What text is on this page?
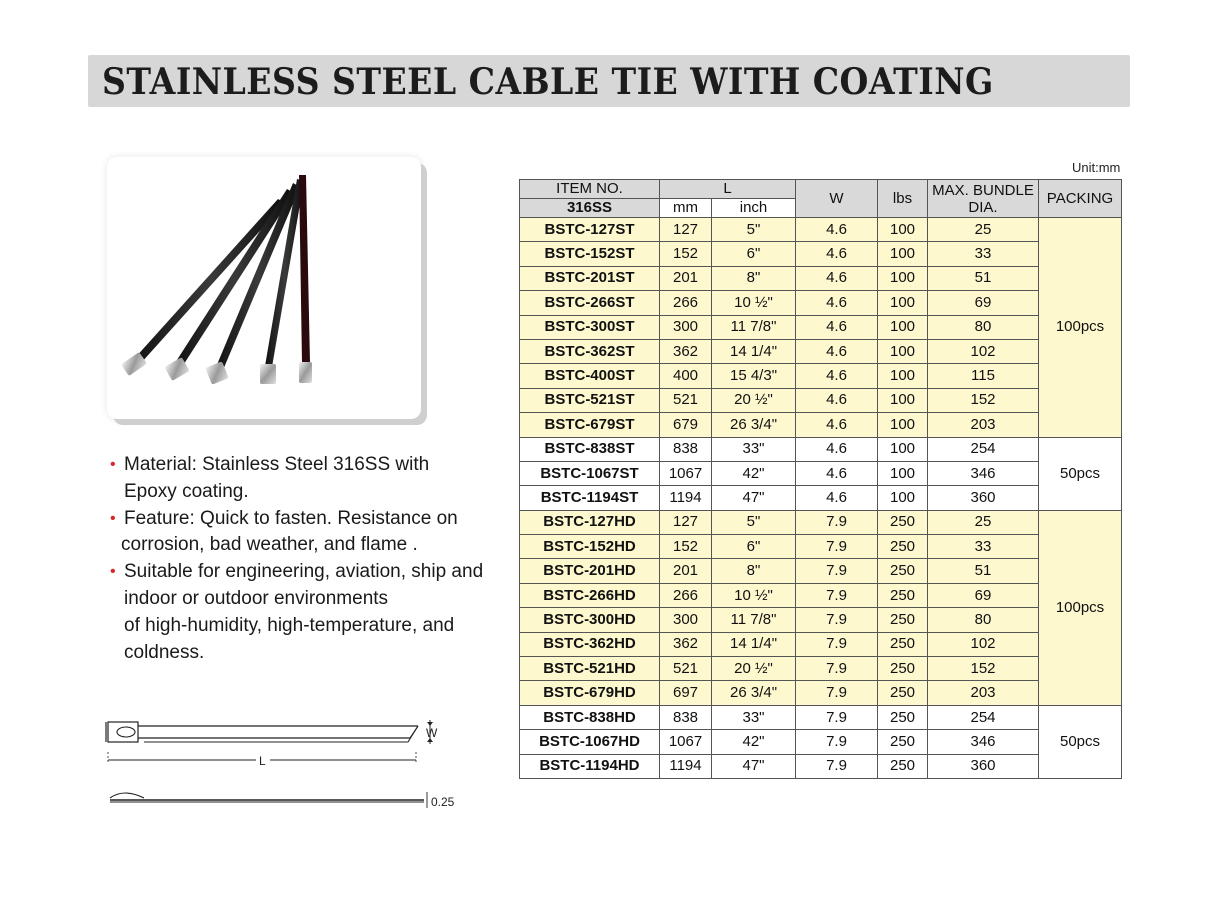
STAINLESS STEEL CABLE TIE WITH COATING
Unit:mm
ITEM NO.	L		W	lbs	MAX. BUNDLE DIA.	PACKING
316SS	mm	inch				
BSTC-127ST	127	5"	4.6	100	25	100pcs
BSTC-152ST	152	6"	4.6	100	33	
BSTC-201ST	201	8"	4.6	100	51	
BSTC-266ST	266	10 ½"	4.6	100	69	
BSTC-300ST	300	11 7/8"	4.6	100	80	
BSTC-362ST	362	14 1/4"	4.6	100	102	
BSTC-400ST	400	15 4/3"	4.6	100	115	
BSTC-521ST	521	20 ½"	4.6	100	152	
BSTC-679ST	679	26 3/4"	4.6	100	203	
BSTC-838ST	838	33"	4.6	100	254	50pcs
BSTC-1067ST	1067	42"	4.6	100	346	
BSTC-1194ST	1194	47"	4.6	100	360	
BSTC-127HD	127	5"	7.9	250	25	100pcs
BSTC-152HD	152	6"	7.9	250	33	
BSTC-201HD	201	8"	7.9	250	51	
BSTC-266HD	266	10 ½"	7.9	250	69	
BSTC-300HD	300	11 7/8"	7.9	250	80	
BSTC-362HD	362	14 1/4"	7.9	250	102	
BSTC-521HD	521	20 ½"	7.9	250	152	
BSTC-679HD	697	26 3/4"	7.9	250	203	
BSTC-838HD	838	33"	7.9	250	254	50pcs
BSTC-1067HD	1067	42"	7.9	250	346	
BSTC-1194HD	1194	47"	7.9	250	360	
• Material: Stainless Steel 316SS with
Epoxy coating.
• Feature: Quick to fasten. Resistance on
corrosion, bad weather, and flame .
• Suitable for engineering, aviation, ship and
indoor or outdoor environments
of high-humidity, high-temperature, and
coldness.
W
L
0.25
